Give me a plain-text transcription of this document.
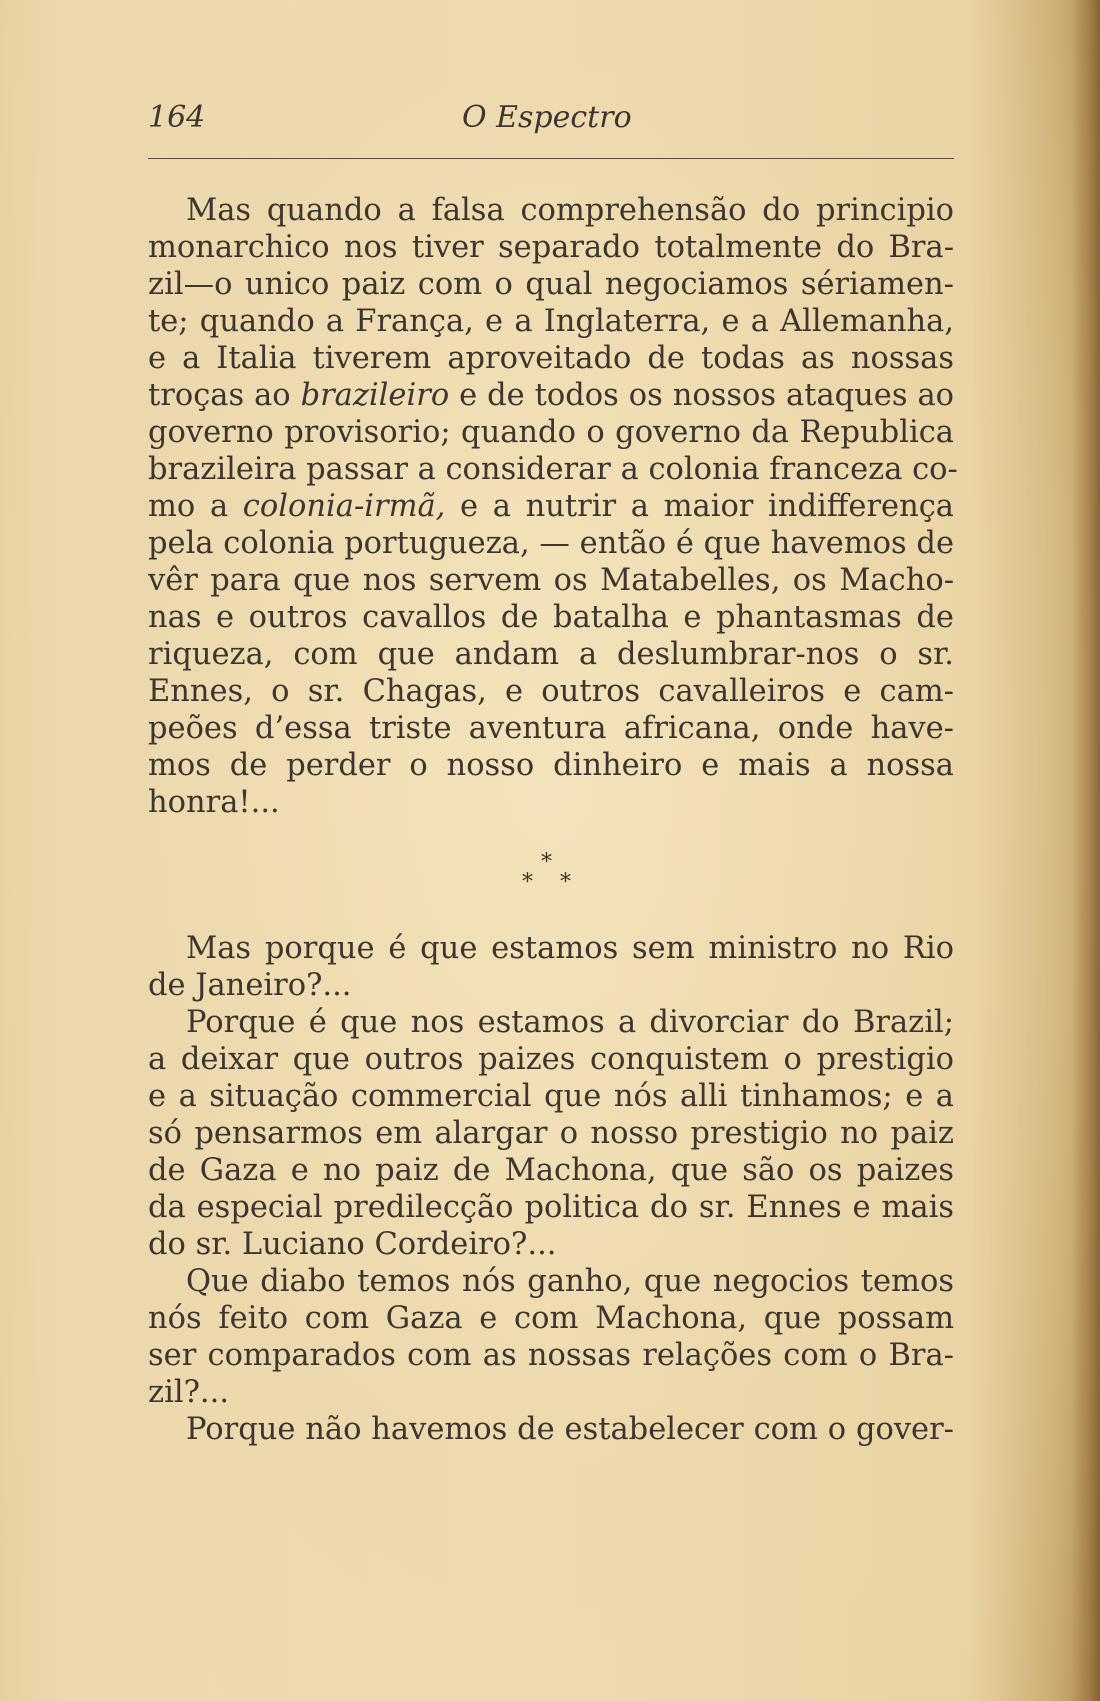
164	O Espectro
Mas quando a falsa comprehensão do principio
monarchico nos tiver separado totalmente do Bra-
zil—o unico paiz com o qual negociamos sériamen-
te; quando a França, e a Inglaterra, e a Allemanha,
e a Italia tiverem aproveitado de todas as nossas
troças ao brazileiro e de todos os nossos ataques ao
governo provisorio; quando o governo da Republica
brazileira passar a considerar a colonia franceza co-
mo a colonia-irmã, e a nutrir a maior indifferença
pela colonia portugueza, — então é que havemos de
vêr para que nos servem os Matabelles, os Macho-
nas e outros cavallos de batalha e phantasmas de
riqueza, com que andam a deslumbrar-nos o sr.
Ennes, o sr. Chagas, e outros cavalleiros e cam-
peões d’essa triste aventura africana, onde have-
mos de perder o nosso dinheiro e mais a nossa
honra!...
*
* *
Mas porque é que estamos sem ministro no Rio
de Janeiro?...
Porque é que nos estamos a divorciar do Brazil;
a deixar que outros paizes conquistem o prestigio
e a situação commercial que nós alli tinhamos; e a
só pensarmos em alargar o nosso prestigio no paiz
de Gaza e no paiz de Machona, que são os paizes
da especial predilecção politica do sr. Ennes e mais
do sr. Luciano Cordeiro?...
Que diabo temos nós ganho, que negocios temos
nós feito com Gaza e com Machona, que possam
ser comparados com as nossas relações com o Bra-
zil?...
Porque não havemos de estabelecer com o gover-
